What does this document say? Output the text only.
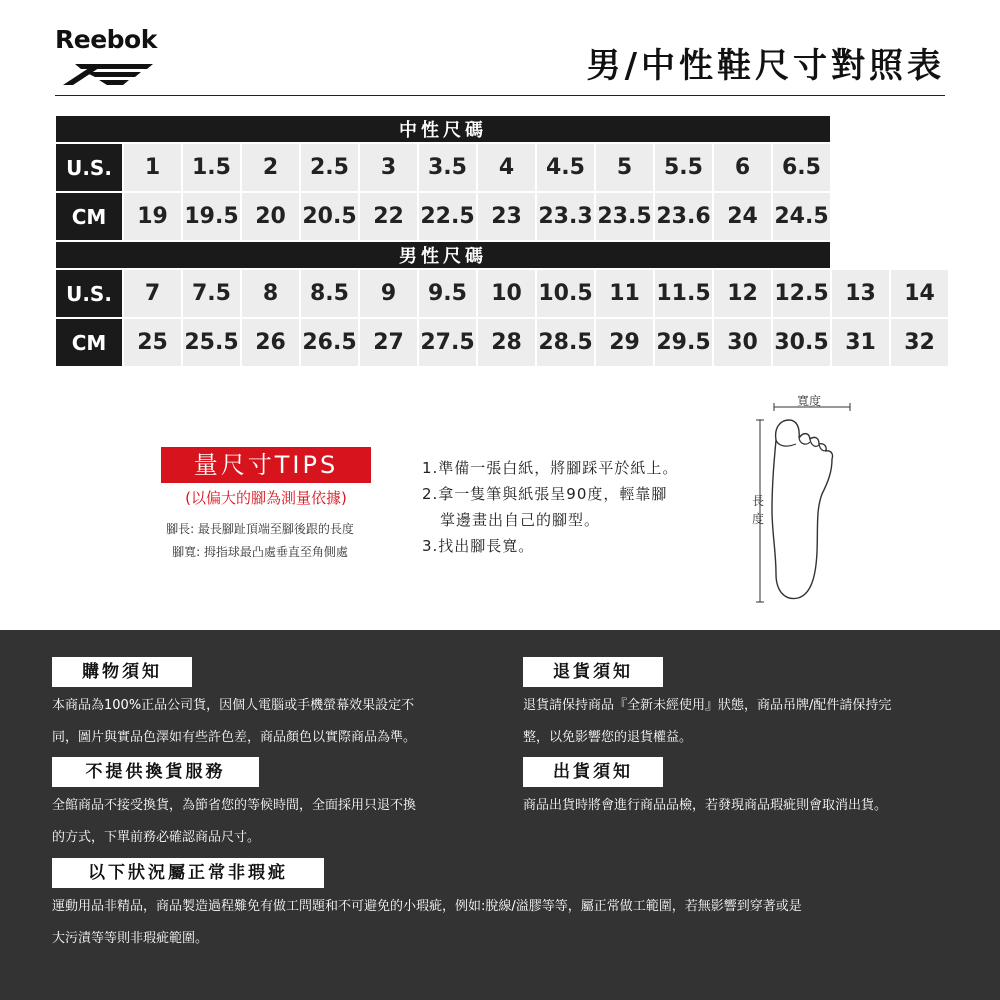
Reebok
男/中性鞋尺寸對照表
中性尺碼														
U.S.	1	1.5	2	2.5	3	3.5	4	4.5	5	5.5	6	6.5		
CM	19	19.5	20	20.5	22	22.5	23	23.3	23.5	23.6	24	24.5		
男性尺碼														
U.S.	7	7.5	8	8.5	9	9.5	10	10.5	11	11.5	12	12.5	13	14
CM	25	25.5	26	26.5	27	27.5	28	28.5	29	29.5	30	30.5	31	32
量尺寸TIPS
(以偏大的腳為測量依據)
腳長: 最長腳趾頂端至腳後跟的長度
腳寬: 拇指球最凸處垂直至角側處
1.準備一張白紙，將腳踩平於紙上。
2.拿一隻筆與紙張呈90度，輕靠腳
掌邊畫出自己的腳型。
3.找出腳長寬。
寬度
長度
購物須知
本商品為100%正品公司貨，因個人電腦或手機螢幕效果設定不
同，圖片與實品色澤如有些許色差，商品顏色以實際商品為準。
退貨須知
退貨請保持商品『全新未經使用』狀態，商品吊牌/配件請保持完
整，以免影響您的退貨權益。
不提供換貨服務
全館商品不接受換貨，為節省您的等候時間，全面採用只退不換
的方式，下單前務必確認商品尺寸。
出貨須知
商品出貨時將會進行商品品檢，若發現商品瑕疵則會取消出貨。
以下狀況屬正常非瑕疵
運動用品非精品，商品製造過程難免有做工問題和不可避免的小瑕疵，例如:脫線/溢膠等等，屬正常做工範圍，若無影響到穿著或是
大污漬等等則非瑕疵範圍。
